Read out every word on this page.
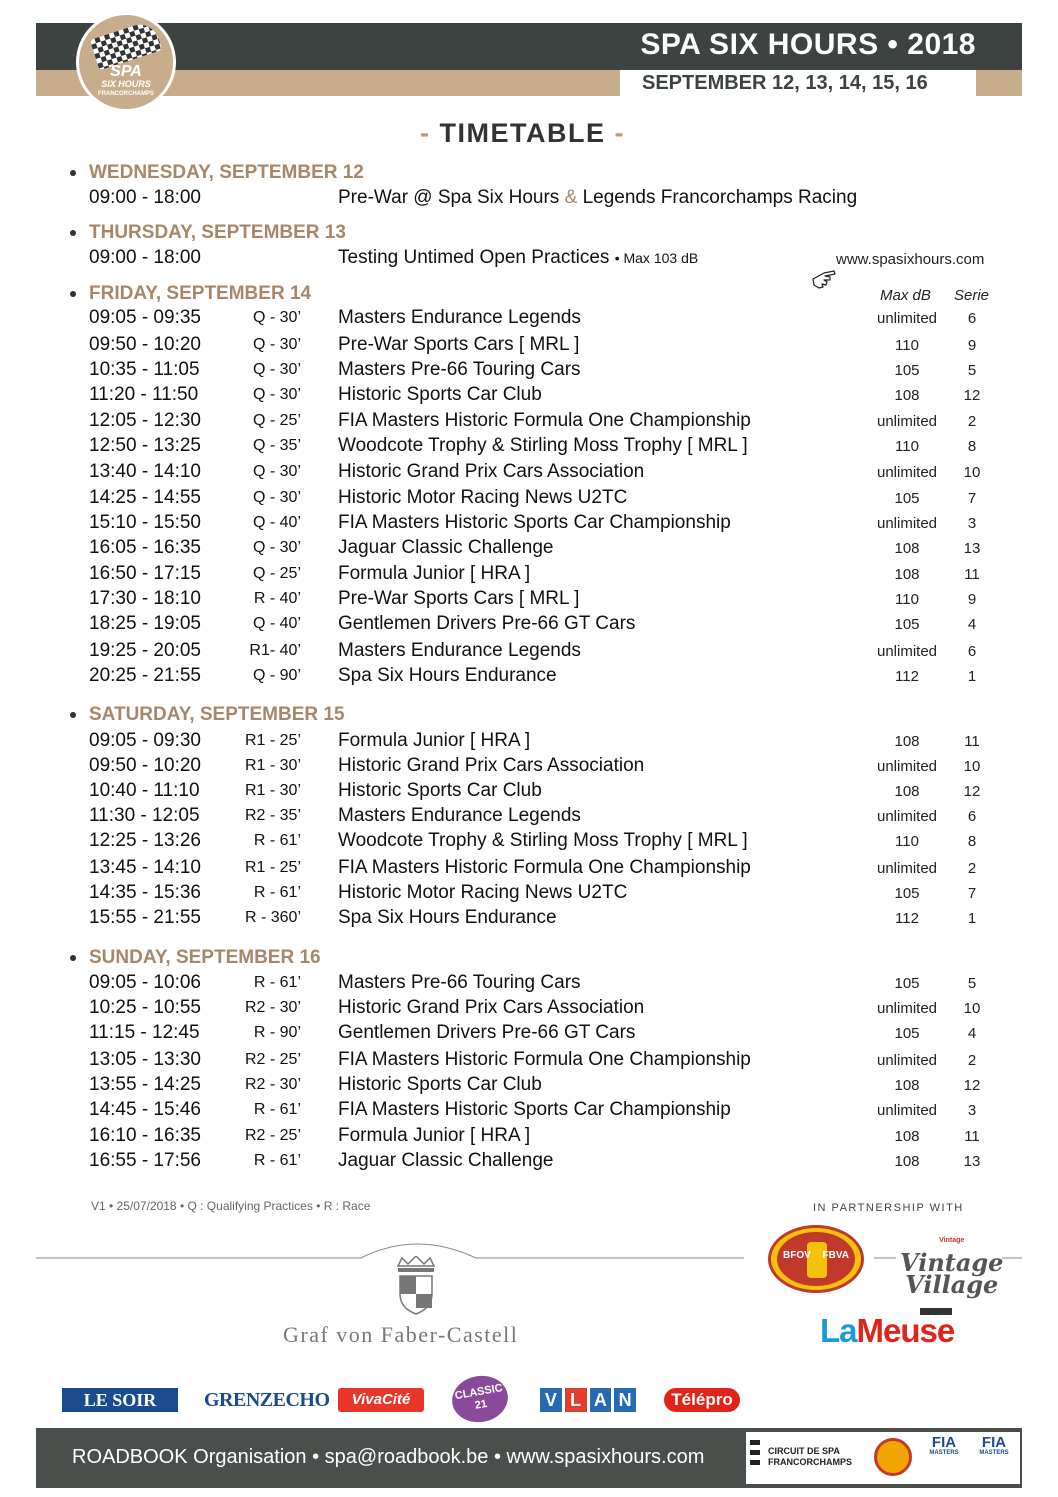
SPA SIX HOURS • 2018
SEPTEMBER 12, 13, 14, 15, 16
SPA
SIX HOURS
FRANCORCHAMPS
- TIMETABLE -
www.spasixhours.com
Max dB Serie
WEDNESDAY, SEPTEMBER 12
09:00 - 18:00	Pre-War @ Spa Six Hours & Legends Francorchamps Racing
THURSDAY, SEPTEMBER 13
09:00 - 18:00	Testing Untimed Open Practices • Max 103 dB
FRIDAY, SEPTEMBER 14
09:05 - 09:35	Q - 30’ Masters Endurance Legends	unlimited	6
09:50 - 10:20	Q - 30’ Pre-War Sports Cars [ MRL ]	110	9
10:35 - 11:05	Q - 30’ Masters Pre-66 Touring Cars	105	5
11:20 - 11:50	Q - 30’ Historic Sports Car Club	108	12
12:05 - 12:30	Q - 25’ FIA Masters Historic Formula One Championship	unlimited	2
12:50 - 13:25	Q - 35’ Woodcote Trophy & Stirling Moss Trophy [ MRL ]	110	8
13:40 - 14:10	Q - 30’ Historic Grand Prix Cars Association	unlimited	10
14:25 - 14:55	Q - 30’ Historic Motor Racing News U2TC	105	7
15:10 - 15:50	Q - 40’ FIA Masters Historic Sports Car Championship	unlimited	3
16:05 - 16:35	Q - 30’ Jaguar Classic Challenge	108	13
16:50 - 17:15	Q - 25’ Formula Junior [ HRA ]	108	11
17:30 - 18:10	R - 40’ Pre-War Sports Cars [ MRL ]	110	9
18:25 - 19:05	Q - 40’ Gentlemen Drivers Pre-66 GT Cars	105	4
19:25 - 20:05	R1- 40’ Masters Endurance Legends	unlimited	6
20:25 - 21:55	Q - 90’ Spa Six Hours Endurance	112	1
SATURDAY, SEPTEMBER 15
09:05 - 09:30	R1 - 25’ Formula Junior [ HRA ]	108	11
09:50 - 10:20	R1 - 30’ Historic Grand Prix Cars Association	unlimited	10
10:40 - 11:10	R1 - 30’ Historic Sports Car Club	108	12
11:30 - 12:05	R2 - 35’ Masters Endurance Legends	unlimited	6
12:25 - 13:26	R - 61’ Woodcote Trophy & Stirling Moss Trophy [ MRL ]	110	8
13:45 - 14:10	R1 - 25’ FIA Masters Historic Formula One Championship	unlimited	2
14:35 - 15:36	R - 61’ Historic Motor Racing News U2TC	105	7
15:55 - 21:55	R - 360’ Spa Six Hours Endurance	112	1
SUNDAY, SEPTEMBER 16
09:05 - 10:06	R - 61’ Masters Pre-66 Touring Cars	105	5
10:25 - 10:55	R2 - 30’ Historic Grand Prix Cars Association	unlimited	10
11:15 - 12:45	R - 90’ Gentlemen Drivers Pre-66 GT Cars	105	4
13:05 - 13:30	R2 - 25’ FIA Masters Historic Formula One Championship	unlimited	2
13:55 - 14:25	R2 - 30’ Historic Sports Car Club	108	12
14:45 - 15:46	R - 61’ FIA Masters Historic Sports Car Championship	unlimited	3
16:10 - 16:35	R2 - 25’ Formula Junior [ HRA ]	108	11
16:55 - 17:56	R - 61’ Jaguar Classic Challenge	108	13
V1 • 25/07/2018 • Q : Qualifying Practices • R : Race	IN PARTNERSHIP WITH
Graf von Faber-Castell
BFOV FBVA
Vintage
Vintage
Village
LaMeuse
LE SOIR	GRENZECHO	VivaCité	CLASSIC 21	V L A N	Télépro
ROADBOOK Organisation • spa@roadbook.be • www.spasixhours.com	CIRCUIT DE SPA
FRANCORCHAMPS
FIA
MASTERS
FIA
MASTERS
